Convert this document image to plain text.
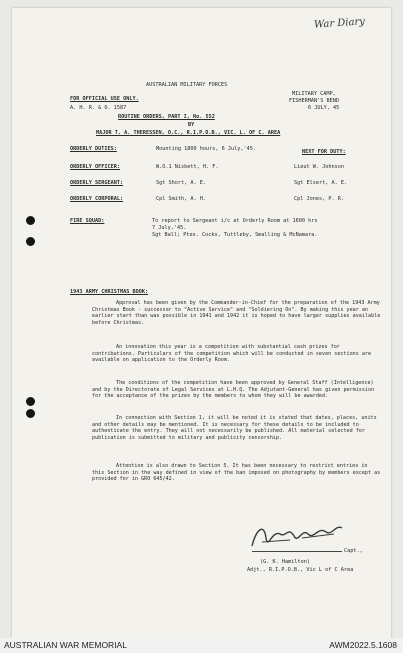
War Diary
AUSTRALIAN MILITARY FORCES
FOR OFFICIAL USE ONLY.
A. H. R. & O. 1587
MILITARY CAMP,
FISHERMAN'S BEND
6 JULY, 45
ROUTINE ORDERS, PART I, No. 552
BY
MAJOR T. A. THERESSEN, O.C., R.I.P.O.B., VIC. L. OF C. AREA
ORDERLY DUTIES:	Mounting 1800 hours, 6 July,'45.	NEXT FOR DUTY:
ORDERLY OFFICER:	W.O.1 Nisbett, H. F.	Lieut W. Johnson
ORDERLY SERGEANT:	Sgt Short, A. E.	Sgt Elsert, A. E.
ORDERLY CORPORAL:	Cpl Smith, A. H.	Cpl Jones, P. R.
FIRE SQUAD:	To report to Sergeant i/c at Orderly Room at 1600 hrs
7 July,'45.
Sgt Ball; Ptes. Cocks, Tuttleby, Smalling & McNamara.
1943 ARMY CHRISTMAS BOOK:
Approval has been given by the Commander-in-Chief for the preparation of the 1943 Army Christmas Book - successor to "Active Service" and "Soldiering On". By making this year an earlier start than was possible in 1941 and 1942 it is hoped to have larger supplies available before Christmas.
An innovation this year is a competition with substantial cash prizes for contributions. Particulars of the competition which will be conducted in seven sections are available on application to the Orderly Room.
The conditions of the competition have been approved by General Staff (Intelligence) and by the Directorate of Legal Services at L.H.Q. The Adjutant-General has given permission for the acceptance of the prizes by the members to whom they will be awarded.
In connection with Section 1, it will be noted it is stated that dates, places, units and other details may be mentioned. It is necessary for these details to be included to authenticate the entry. They will not necessarily be published. All material selected for publication is submitted to military and publicity censorship.
Attention is also drawn to Section 5. It has been necessary to restrict entries in this Section in the way defined in view of the ban imposed on photography by members except as provided for in GRO 645/42.
Capt.,
(G. K. Hamilton)
Adjt., R.I.P.O.B., Vic L of C Area
AUSTRALIAN WAR MEMORIAL	AWM2022.5.1608
